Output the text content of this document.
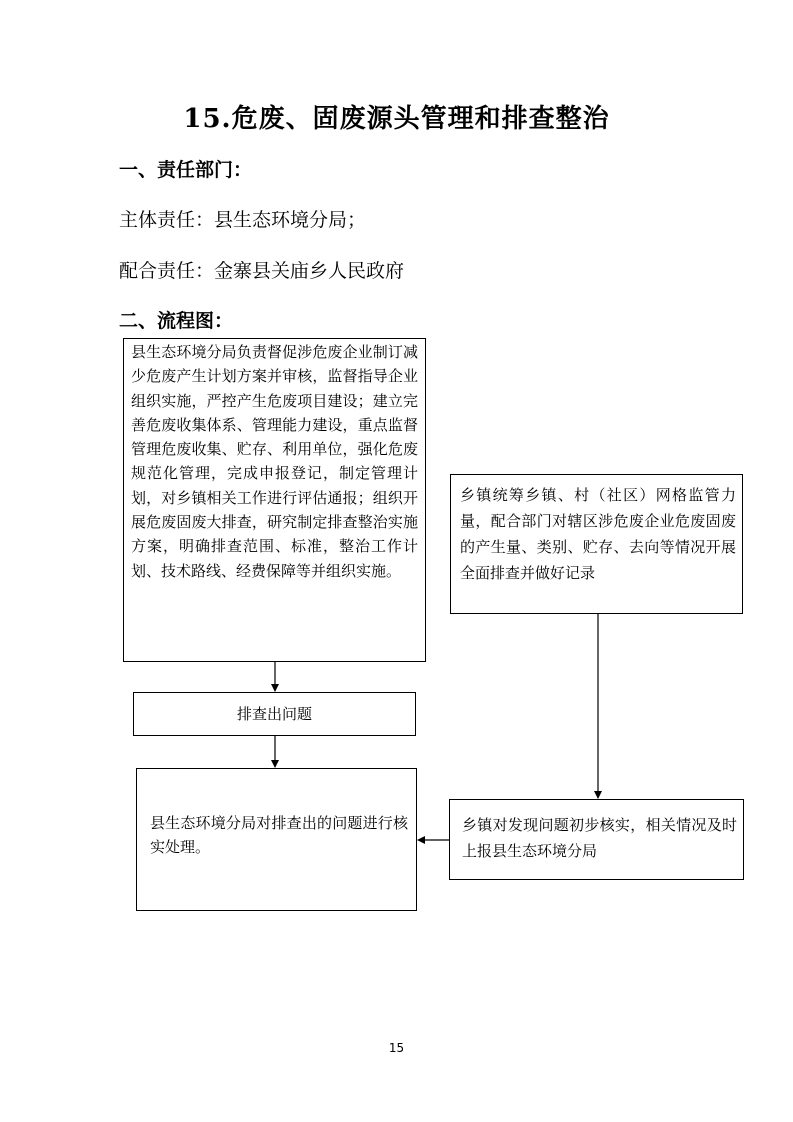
15.危废、固废源头管理和排查整治
一、责任部门：
主体责任：县生态环境分局；
配合责任：金寨县关庙乡人民政府
二、流程图：

县生态环境分局负责督促涉危废企业制订减少危废产生计划方案并审核，监督指导企业组织实施，严控产生危废项目建设；建立完善危废收集体系、管理能力建设，重点监督管理危废收集、贮存、利用单位，强化危废规范化管理，完成申报登记，制定管理计划，对乡镇相关工作进行评估通报；组织开展危废固废大排查，研究制定排查整治实施方案，明确排查范围、标准，整治工作计划、技术路线、经费保障等并组织实施。

排查出问题

县生态环境分局对排查出的问题进行核实处理。

乡镇统筹乡镇、村（社区）网格监管力量，配合部门对辖区涉危废企业危废固废的产生量、类别、贮存、去向等情况开展全面排查并做好记录

乡镇对发现问题初步核实，相关情况及时上报县生态环境分局

15
